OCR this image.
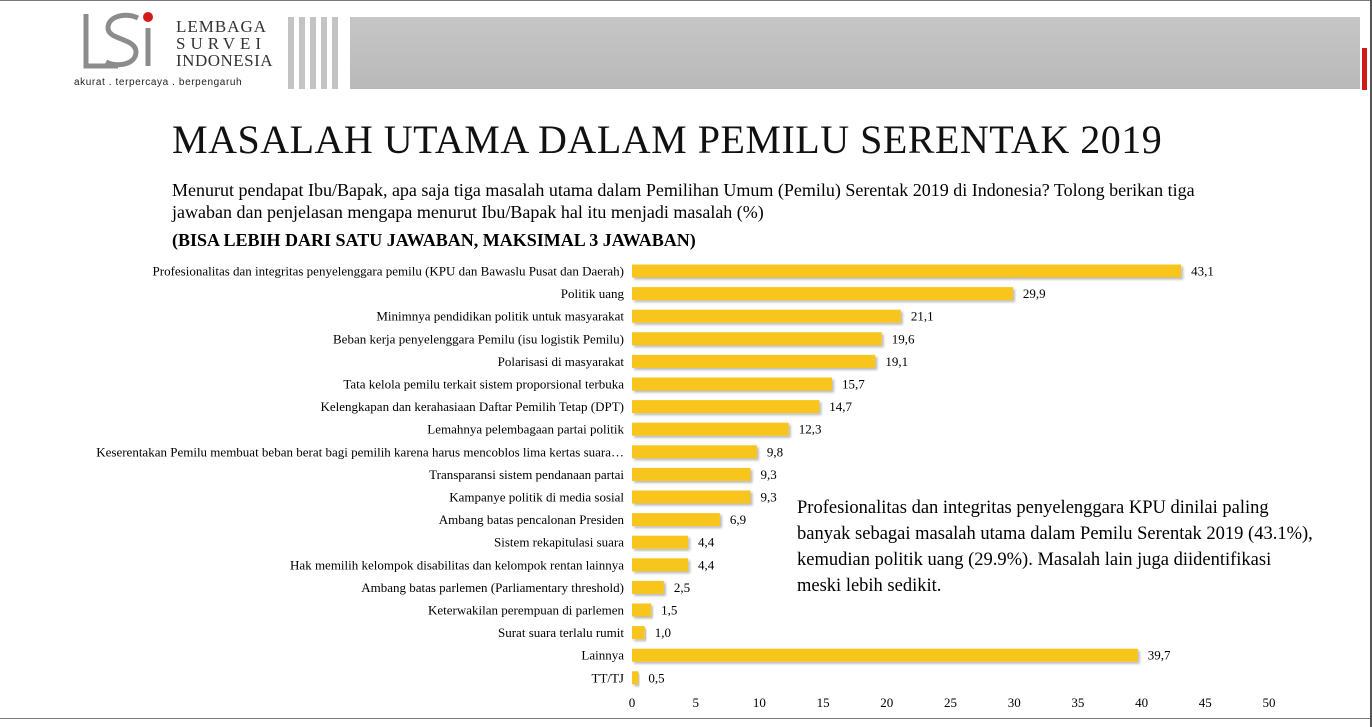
LEMBAGA
SURVEI
INDONESIA
akurat . terpercaya . berpengaruh
MASALAH UTAMA DALAM PEMILU SERENTAK 2019
Menurut pendapat Ibu/Bapak, apa saja tiga masalah utama dalam Pemilihan Umum (Pemilu) Serentak 2019 di Indonesia? Tolong berikan tiga jawaban dan penjelasan mengapa menurut Ibu/Bapak hal itu menjadi masalah (%)
(BISA LEBIH DARI SATU JAWABAN, MAKSIMAL 3 JAWABAN)
Profesionalitas dan integritas penyelenggara pemilu (KPU dan Bawaslu Pusat dan Daerah)	43,1
Politik uang	29,9
Minimnya pendidikan politik untuk masyarakat	21,1
Beban kerja penyelenggara Pemilu (isu logistik Pemilu)	19,6
Polarisasi di masyarakat	19,1
Tata kelola pemilu terkait sistem proporsional terbuka	15,7
Kelengkapan dan kerahasiaan Daftar Pemilih Tetap (DPT)	14,7
Lemahnya pelembagaan partai politik	12,3
Keserentakan Pemilu membuat beban berat bagi pemilih karena harus mencoblos lima kertas suara…	9,8
Transparansi sistem pendanaan partai	9,3
Kampanye politik di media sosial	9,3
Ambang batas pencalonan Presiden	6,9
Sistem rekapitulasi suara	4,4
Hak memilih kelompok disabilitas dan kelompok rentan lainnya	4,4
Ambang batas parlemen (Parliamentary threshold)	2,5
Keterwakilan perempuan di parlemen	1,5
Surat suara terlalu rumit 1,0
Lainnya	39,7
TT/TJ 0,5
0	5	10	15	20	25	30	35	40	45	50
Profesionalitas dan integritas penyelenggara KPU dinilai paling banyak sebagai masalah utama dalam Pemilu Serentak 2019 (43.1%), kemudian politik uang (29.9%). Masalah lain juga diidentifikasi meski lebih sedikit.
